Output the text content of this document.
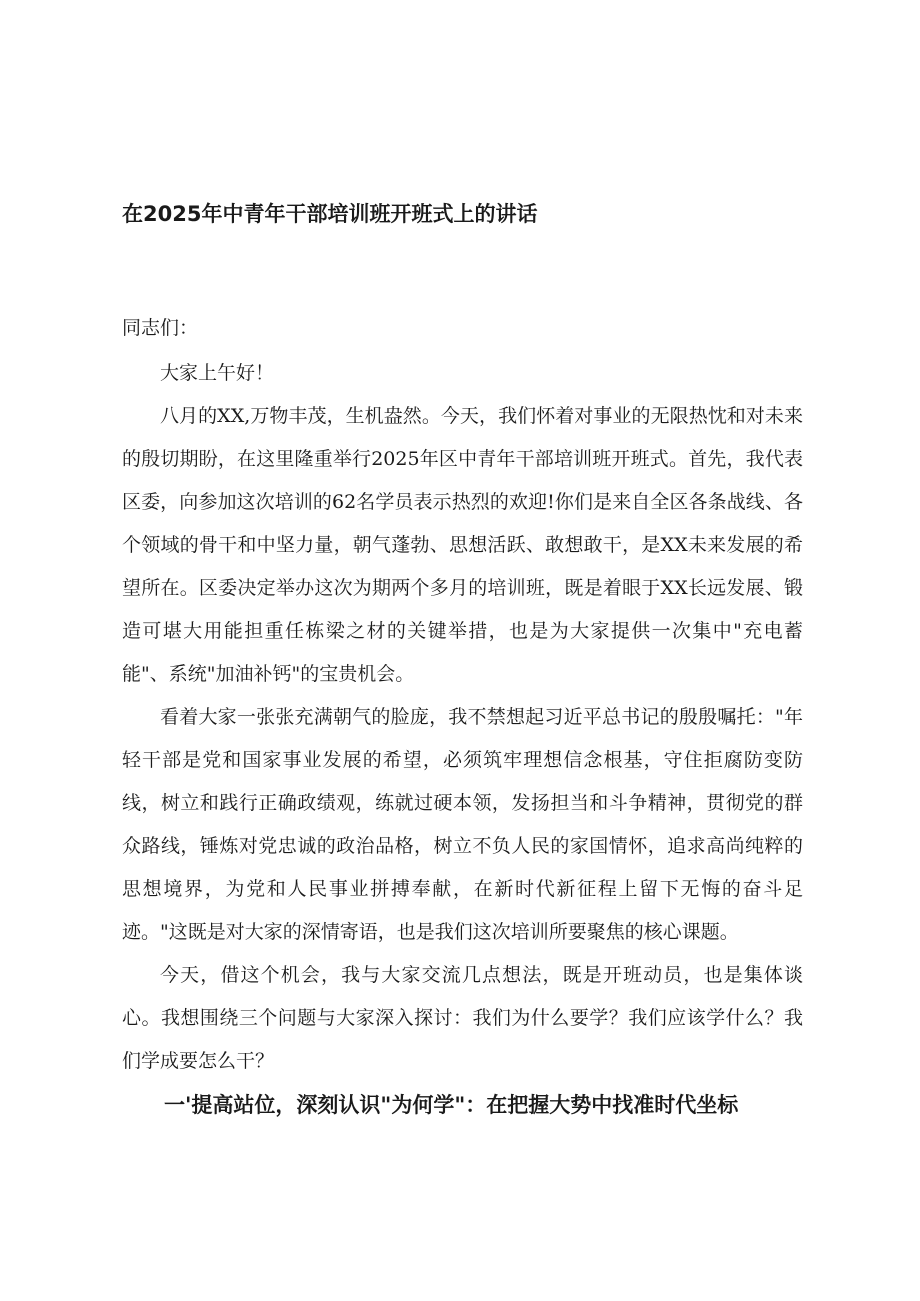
在2025年中青年干部培训班开班式上的讲话
同志们：

大家上午好！

八月的XX,万物丰茂，生机盎然。今天，我们怀着对事业的无限热忱和对未来的殷切期盼，在这里隆重举行2025年区中青年干部培训班开班式。首先，我代表区委，向参加这次培训的62名学员表示热烈的欢迎!你们是来自全区各条战线、各个领域的骨干和中坚力量，朝气蓬勃、思想活跃、敢想敢干，是XX未来发展的希望所在。区委决定举办这次为期两个多月的培训班，既是着眼于XX长远发展、锻造可堪大用能担重任栋梁之材的关键举措，也是为大家提供一次集中"充电蓄能"、系统"加油补钙"的宝贵机会。

看着大家一张张充满朝气的脸庞，我不禁想起习近平总书记的殷殷嘱托："年轻干部是党和国家事业发展的希望，必须筑牢理想信念根基，守住拒腐防变防线，树立和践行正确政绩观，练就过硬本领，发扬担当和斗争精神，贯彻党的群众路线，锤炼对党忠诚的政治品格，树立不负人民的家国情怀，追求高尚纯粹的思想境界，为党和人民事业拼搏奉献，在新时代新征程上留下无悔的奋斗足迹。"这既是对大家的深情寄语，也是我们这次培训所要聚焦的核心课题。

今天，借这个机会，我与大家交流几点想法，既是开班动员，也是集体谈心。我想围绕三个问题与大家深入探讨：我们为什么要学？我们应该学什么？我们学成要怎么干？

一'提高站位，深刻认识"为何学"：在把握大势中找准时代坐标
